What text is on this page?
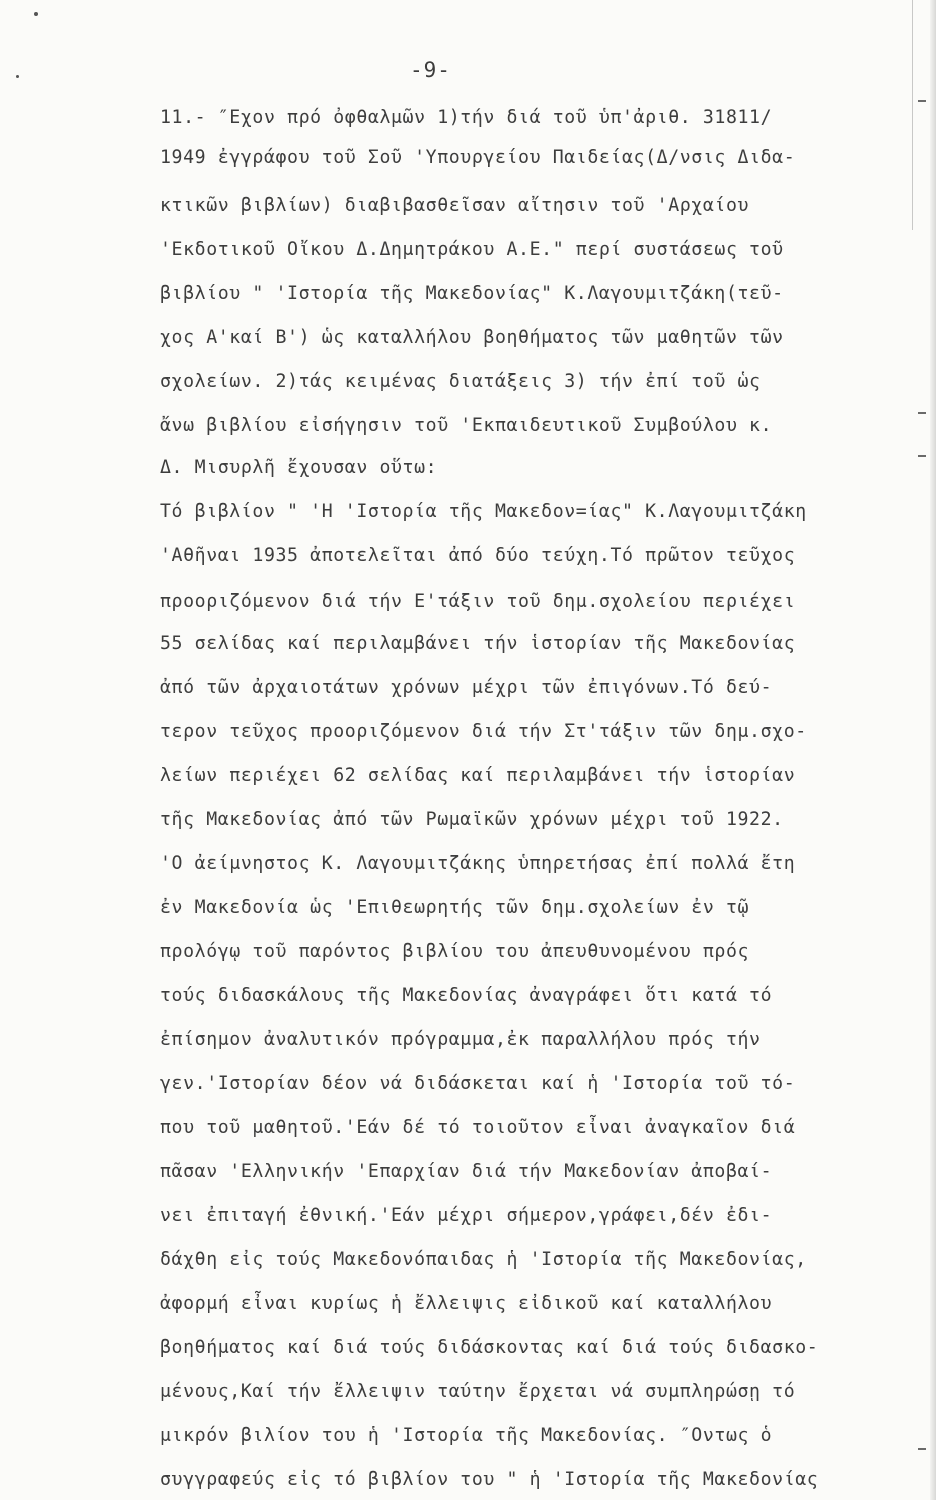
-9-
11.- ″Εχον πρό ὀφθαλμῶν 1)τήν διά τοῦ ὑπ'ἀριθ. 31811/
1949 ἐγγράφου τοῦ Σοῦ 'Υπουργείου Παιδείας(Δ/νσις Διδα-
κτικῶν βιβλίων) διαβιβασθεῖσαν αἴτησιν τοῦ 'Αρχαίου
'Εκδοτικοῦ Οἴκου Δ.Δημητράκου Α.Ε." περί συστάσεως τοῦ
βιβλίου " 'Ιστορία τῆς Μακεδονίας" Κ.Λαγουμιτζάκη(τεῦ-
χος Α'καί Β') ὡς καταλλήλου βοηθήματος τῶν μαθητῶν τῶν
σχολείων. 2)τάς κειμένας διατάξεις 3) τήν ἐπί τοῦ ὡς
ἄνω βιβλίου εἰσήγησιν τοῦ 'Εκπαιδευτικοῦ Συμβούλου κ.
Δ. Μισυρλῆ ἔχουσαν οὕτω:
Τό βιβλίον " 'Η 'Ιστορία τῆς Μακεδον=ίας" Κ.Λαγουμιτζάκη
'Αθῆναι 1935 ἀποτελεῖται ἀπό δύο τεύχη.Τό πρῶτον τεῦχος
προοριζόμενον διά τήν Ε'τάξιν τοῦ δημ.σχολείου περιέχει
55 σελίδας καί περιλαμβάνει τήν ἱστορίαν τῆς Μακεδονίας
ἀπό τῶν ἀρχαιοτάτων χρόνων μέχρι τῶν ἐπιγόνων.Τό δεύ-
τερον τεῦχος προοριζόμενον διά τήν Στ'τάξιν τῶν δημ.σχο-
λείων περιέχει 62 σελίδας καί περιλαμβάνει τήν ἱστορίαν
τῆς Μακεδονίας ἀπό τῶν Ρωμαϊκῶν χρόνων μέχρι τοῦ 1922.
'Ο ἀείμνηστος Κ. Λαγουμιτζάκης ὑπηρετήσας ἐπί πολλά ἔτη
ἐν Μακεδονία ὡς 'Επιθεωρητής τῶν δημ.σχολείων ἐν τῷ
προλόγῳ τοῦ παρόντος βιβλίου του ἀπευθυνομένου πρός
τούς διδασκάλους τῆς Μακεδονίας ἀναγράφει ὅτι κατά τό
ἐπίσημον ἀναλυτικόν πρόγραμμα,ἐκ παραλλήλου πρός τήν
γεν.'Ιστορίαν δέον νά διδάσκεται καί ἡ 'Ιστορία τοῦ τό-
που τοῦ μαθητοῦ.'Εάν δέ τό τοιοῦτον εἶναι ἀναγκαῖον διά
πᾶσαν 'Ελληνικήν 'Επαρχίαν διά τήν Μακεδονίαν ἀποβαί-
νει ἐπιταγή ἐθνική.'Εάν μέχρι σήμερον,γράφει,δέν ἐδι-
δάχθη εἰς τούς Μακεδονόπαιδας ἡ 'Ιστορία τῆς Μακεδονίας,
ἀφορμή εἶναι κυρίως ἡ ἔλλειψις εἰδικοῦ καί καταλλήλου
βοηθήματος καί διά τούς διδάσκοντας καί διά τούς διδασκο-
μένους,Καί τήν ἔλλειψιν ταύτην ἔρχεται νά συμπληρώσῃ τό
μικρόν βιλίον του ἡ 'Ιστορία τῆς Μακεδονίας. ″Οντως ὁ
συγγραφεύς εἰς τό βιβλίον του " ἡ 'Ιστορία τῆς Μακεδονίας
